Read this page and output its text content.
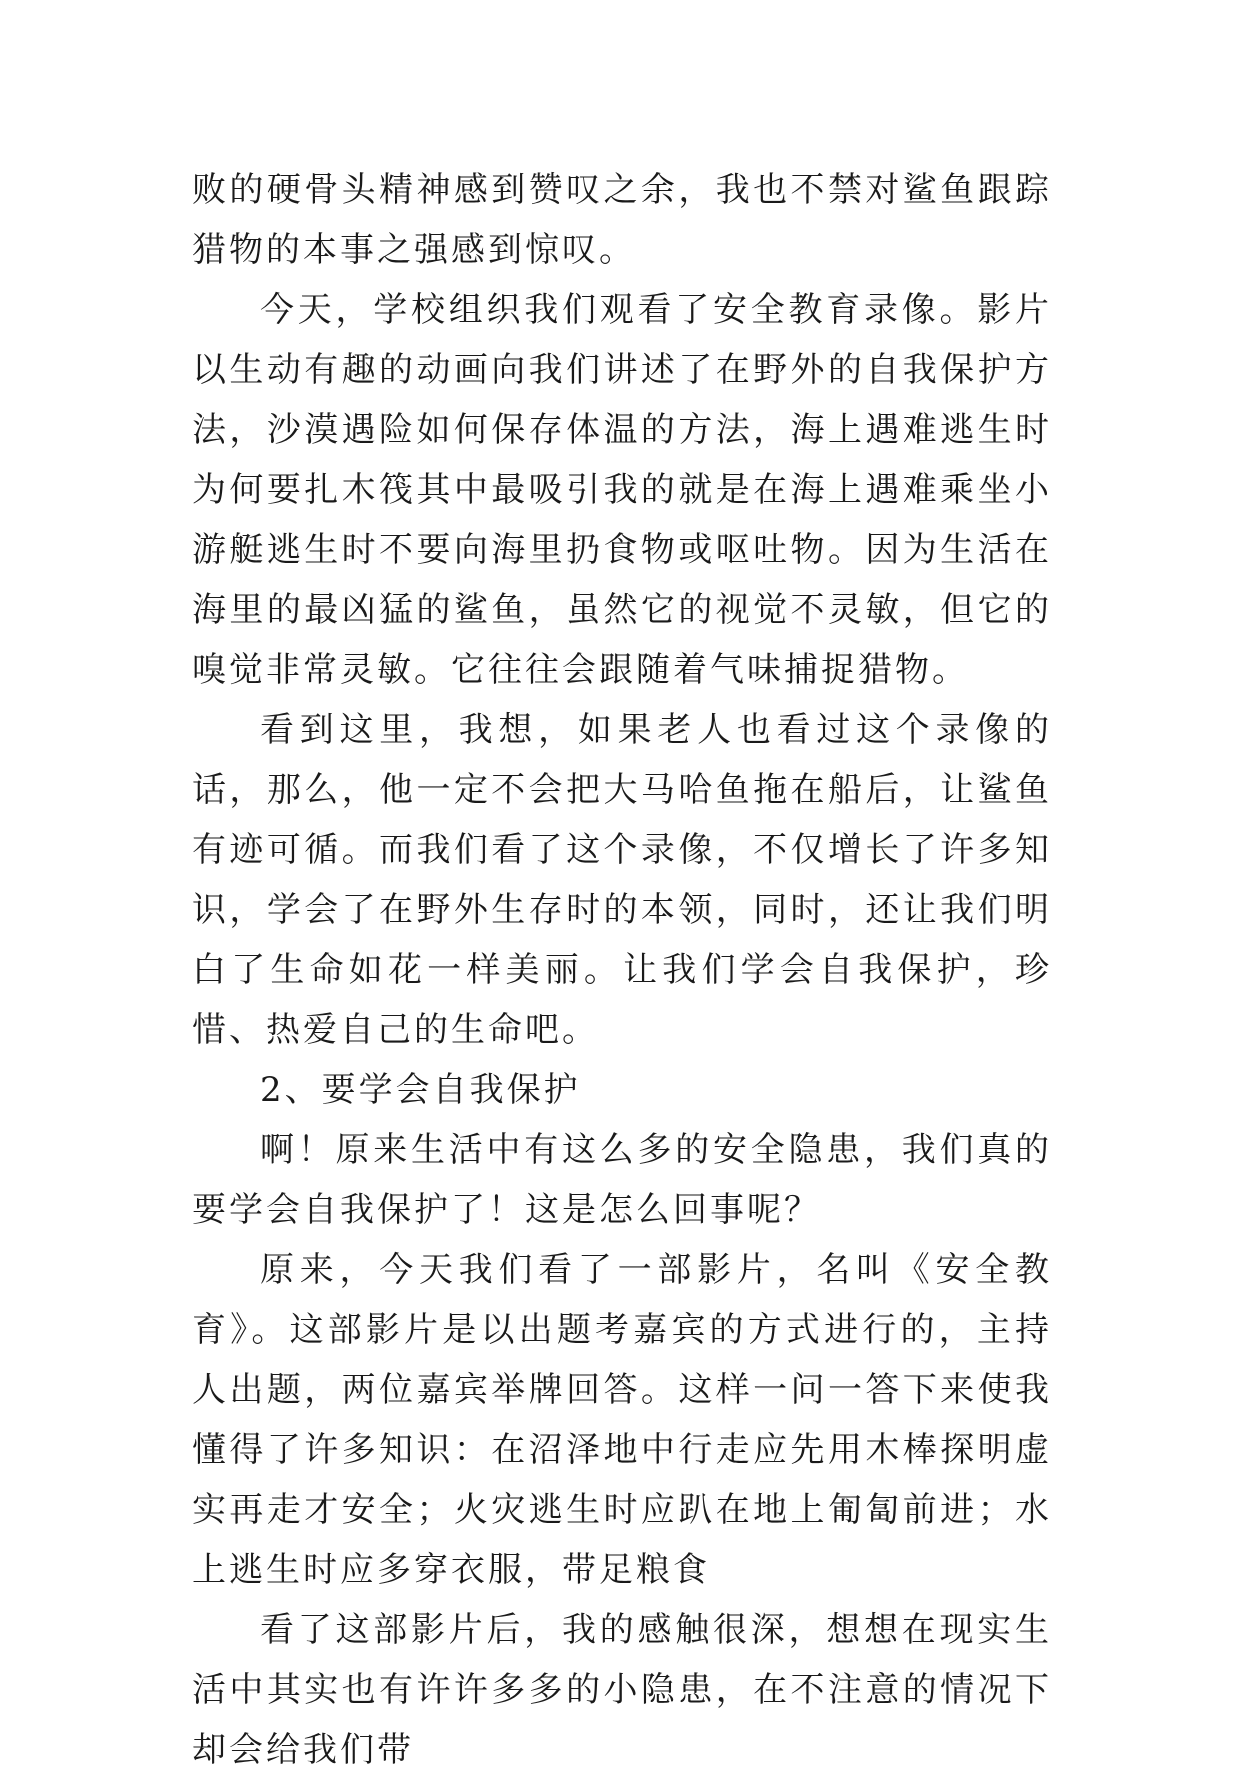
败的硬骨头精神感到赞叹之余，我也不禁对鲨鱼跟踪猎物的本事之强感到惊叹。

今天，学校组织我们观看了安全教育录像。影片以生动有趣的动画向我们讲述了在野外的自我保护方法，沙漠遇险如何保存体温的方法，海上遇难逃生时为何要扎木筏其中最吸引我的就是在海上遇难乘坐小游艇逃生时不要向海里扔食物或呕吐物。因为生活在海里的最凶猛的鲨鱼，虽然它的视觉不灵敏，但它的嗅觉非常灵敏。它往往会跟随着气味捕捉猎物。

看到这里，我想，如果老人也看过这个录像的话，那么，他一定不会把大马哈鱼拖在船后，让鲨鱼有迹可循。而我们看了这个录像，不仅增长了许多知识，学会了在野外生存时的本领，同时，还让我们明白了生命如花一样美丽。让我们学会自我保护，珍惜、热爱自己的生命吧。

2、要学会自我保护

啊！原来生活中有这么多的安全隐患，我们真的要学会自我保护了！这是怎么回事呢？

原来，今天我们看了一部影片，名叫《安全教育》。这部影片是以出题考嘉宾的方式进行的，主持人出题，两位嘉宾举牌回答。这样一问一答下来使我懂得了许多知识：在沼泽地中行走应先用木棒探明虚实再走才安全；火灾逃生时应趴在地上匍匐前进；水上逃生时应多穿衣服，带足粮食

看了这部影片后，我的感触很深，想想在现实生活中其实也有许许多多的小隐患，在不注意的情况下却会给我们带
